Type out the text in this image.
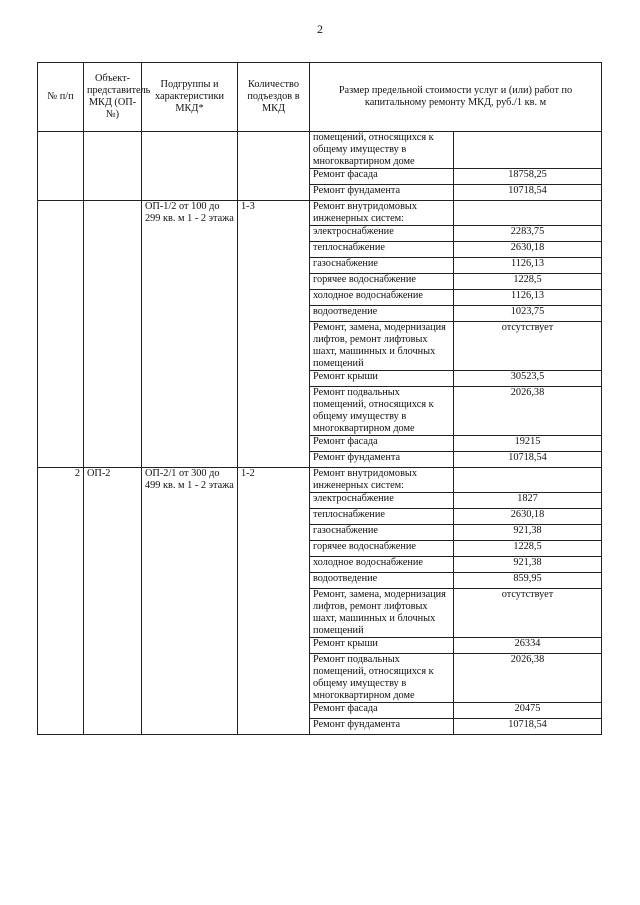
2
№ п/п	Объект-представитель МКД (ОП-№)	Подгруппы и характеристики МКД*	Количество подъездов в МКД	Размер предельной стоимости услуг и (или) работ по капитальному ремонту МКД, руб./1 кв. м	
				помещений, относящихся к общему имуществу в многоквартирном доме	
				Ремонт фасада	18758,25
				Ремонт фундамента	10718,54
		ОП-1/2 от 100 до 299 кв. м 1 - 2 этажа	1-3	Ремонт внутридомовых инженерных систем:	
				электроснабжение	2283,75
				теплоснабжение	2630,18
				газоснабжение	1126,13
				горячее водоснабжение	1228,5
				холодное водоснабжение	1126,13
				водоотведение	1023,75
				Ремонт, замена, модернизация лифтов, ремонт лифтовых шахт, машинных и блочных помещений	отсутствует
				Ремонт крыши	30523,5
				Ремонт подвальных помещений, относящихся к общему имуществу в многоквартирном доме	2026,38
				Ремонт фасада	19215
				Ремонт фундамента	10718,54
2	ОП-2	ОП-2/1 от 300 до 499 кв. м 1 - 2 этажа	1-2	Ремонт внутридомовых инженерных систем:	
				электроснабжение	1827
				теплоснабжение	2630,18
				газоснабжение	921,38
				горячее водоснабжение	1228,5
				холодное водоснабжение	921,38
				водоотведение	859,95
				Ремонт, замена, модернизация лифтов, ремонт лифтовых шахт, машинных и блочных помещений	отсутствует
				Ремонт крыши	26334
				Ремонт подвальных помещений, относящихся к общему имуществу в многоквартирном доме	2026,38
				Ремонт фасада	20475
				Ремонт фундамента	10718,54
